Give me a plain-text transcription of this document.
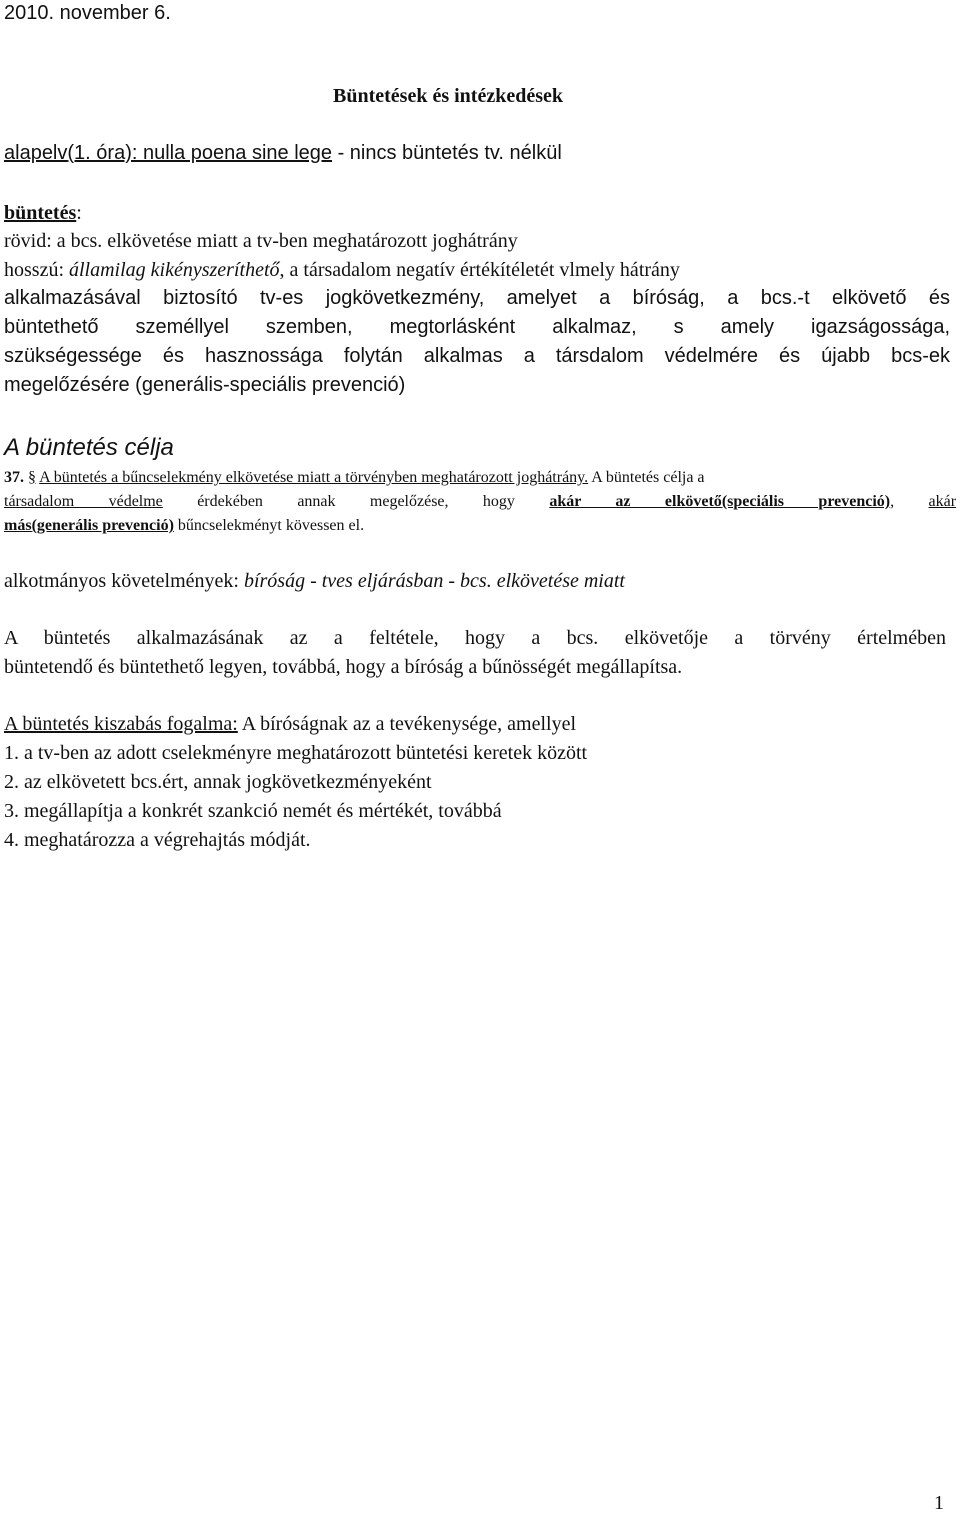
2010. november 6.
Büntetések és intézkedések
alapelv(1. óra): nulla poena sine lege - nincs büntetés tv. nélkül
büntetés:
rövid: a bcs. elkövetése miatt a tv-ben meghatározott joghátrány
hosszú: államilag kikényszeríthető, a társadalom negatív értékítéletét vlmely hátrány
alkalmazásával biztosító tv-es jogkövetkezmény, amelyet a bíróság, a bcs.-t elkövető és
büntethető személlyel szemben, megtorlásként alkalmaz, s amely igazságossága,
szükségessége és hasznossága folytán alkalmas a társdalom védelmére és újabb bcs-ek
megelőzésére (generális-speciális prevenció)
A büntetés célja
37. § A büntetés a bűncselekmény elkövetése miatt a törvényben meghatározott joghátrány. A büntetés célja a
társadalom védelme érdekében annak megelőzése, hogy akár az elkövető(speciális prevenció), akár
más(generális prevenció) bűncselekményt kövessen el.
alkotmányos követelmények: bíróság - tves eljárásban - bcs. elkövetése miatt
A büntetés alkalmazásának az a feltétele, hogy a bcs. elkövetője a törvény értelmében
büntetendő és büntethető legyen, továbbá, hogy a bíróság a bűnösségét megállapítsa.
A büntetés kiszabás fogalma: A bíróságnak az a tevékenysége, amellyel
1. a tv-ben az adott cselekményre meghatározott büntetési keretek között
2. az elkövetett bcs.ért, annak jogkövetkezményeként
3. megállapítja a konkrét szankció nemét és mértékét, továbbá
4. meghatározza a végrehajtás módját.
1
